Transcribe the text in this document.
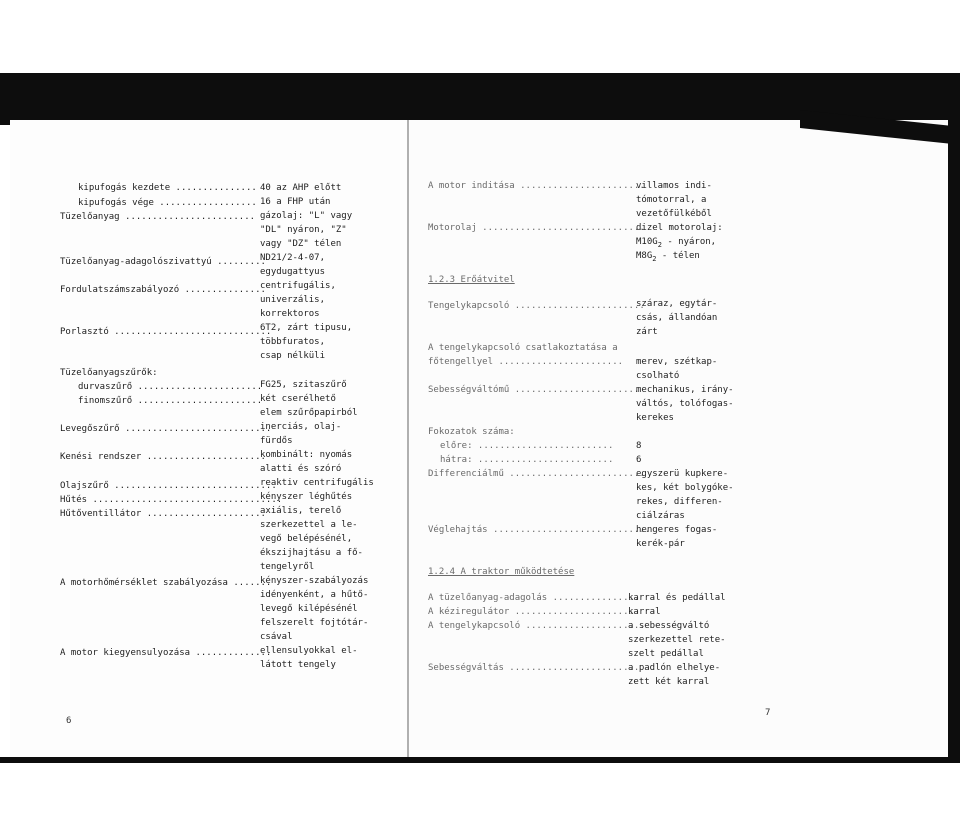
kipufogás kezdete ...............
kipufogás vége ..................
Tüzelőanyag ........................
Tüzelőanyag-adagolószivattyú .........
Fordulatszámszabályozó ...............
Porlasztó .............................
Tüzelőanyagszűrők:
durvaszűrő .......................
finomszűrő .......................
Levegőszűrő ...........................
Kenési rendszer ......................
Olajszűrő ..............................
Hűtés ...................................
Hűtőventillátor ......................
A motorhőmérséklet szabályozása .......
A motor kiegyensulyozása ..............
40 az AHP előtt
16 a FHP után
gázolaj: "L" vagy
"DL" nyáron, "Z"
vagy "DZ" télen
ND21/2-4-07,
egydugattyus
centrifugális,
univerzális,
korrektoros
6T2, zárt tipusu,
többfuratos,
csap nélküli
FG25, szitaszűrő
két cserélhető
elem szűrőpapirból
inerciás, olaj-
fürdős
kombinált: nyomás
alatti és szóró
reaktiv centrifugális
kényszer léghűtés
axiális, terelő
szerkezettel a le-
vegő belépésénél,
ékszijhajtásu a fő-
tengelyről
kényszer-szabályozás
idényenként, a hűtő-
levegő kilépésénél
felszerelt fojtótár-
csával
ellensulyokkal el-
látott tengely
6
A motor inditása .......................
Motorolaj ..............................
1.2.3 Erőátvitel
Tengelykapcsoló ........................
A tengelykapcsoló csatlakoztatása a
főtengellyel .......................
Sebességváltómű .......................
Fokozatok száma:
előre: .........................
hátra: .........................
Differenciálmű .........................
Véglehajtás .............................
1.2.4 A traktor működtetése
A tüzelőanyag-adagolás ................
A kéziregulátor ......................
A tengelykapcsoló ......................
Sebességváltás ........................
villamos indi-
tómotorral, a
vezetőfülkéből
dizel motorolaj:
$M10G_2$ - nyáron,
$M8G_2$ - télen
száraz, egytár-
csás, állandóan
zárt
merev, szétkap-
csolható
mechanikus, irány-
váltós, tolófogas-
kerekes
8
6
egyszerü kupkere-
kes, két bolygóke-
rekes, differen-
ciálzáras
hengeres fogas-
kerék-pár
karral és pedállal
karral
a sebességváltó
szerkezettel rete-
szelt pedállal
a padlón elhelye-
zett két karral
7
